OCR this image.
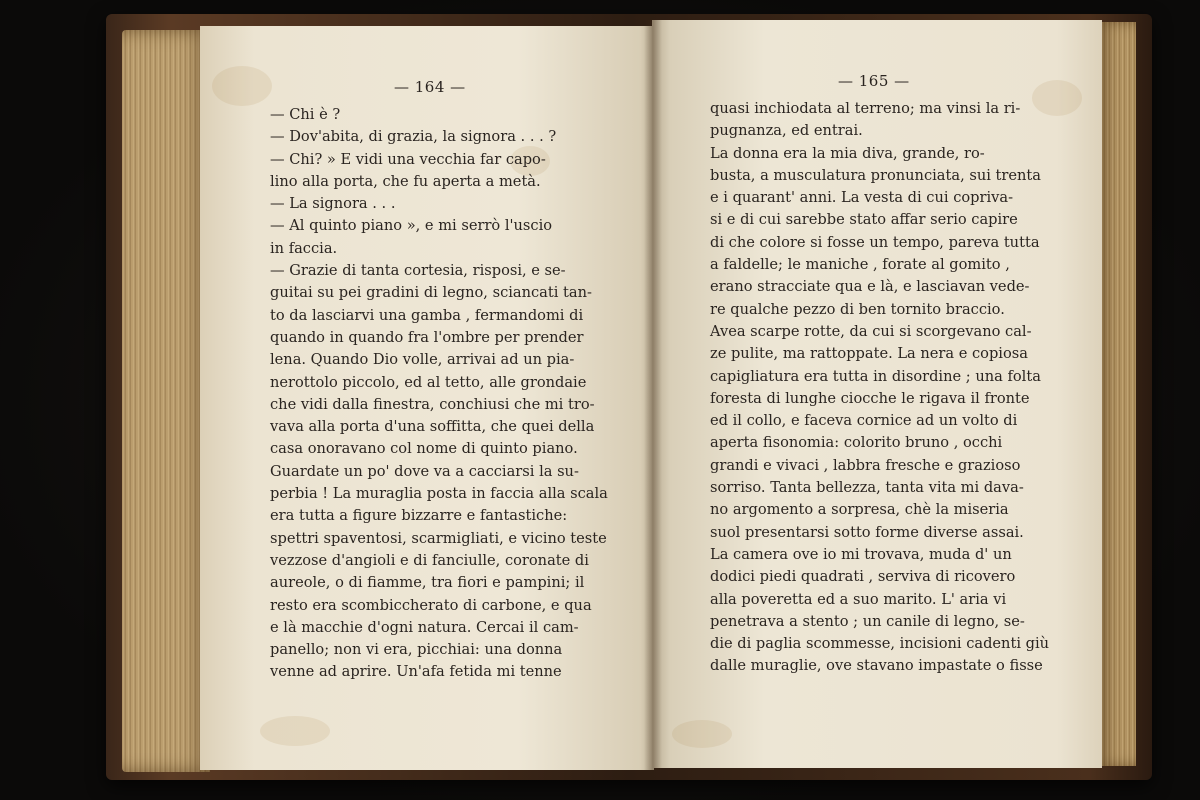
— 164 —
— Chi è ?
— Dov'abita, di grazia, la signora . . . ?
— Chi? » E vidi una vecchia far capo-
lino alla porta, che fu aperta a metà.
— La signora . . .
— Al quinto piano », e mi serrò l'uscio
in faccia.
— Grazie di tanta cortesia, risposi, e se-
guitai su pei gradini di legno, sciancati tan-
to da lasciarvi una gamba , fermandomi di
quando in quando fra l'ombre per prender
lena. Quando Dio volle, arrivai ad un pia-
nerottolo piccolo, ed al tetto, alle grondaie
che vidi dalla finestra, conchiusi che mi tro-
vava alla porta d'una soffitta, che quei della
casa onoravano col nome di quinto piano.
Guardate un po' dove va a cacciarsi la su-
perbia ! La muraglia posta in faccia alla scala
era tutta a figure bizzarre e fantastiche:
spettri spaventosi, scarmigliati, e vicino teste
vezzose d'angioli e di fanciulle, coronate di
aureole, o di fiamme, tra fiori e pampini; il
resto era scombiccherato di carbone, e qua
e là macchie d'ogni natura. Cercai il cam-
panello; non vi era, picchiai: una donna
venne ad aprire. Un'afa fetida mi tenne
— 165 —
quasi inchiodata al terreno; ma vinsi la ri-
pugnanza, ed entrai.
La donna era la mia diva, grande, ro-
busta, a musculatura pronunciata, sui trenta
e i quarant' anni. La vesta di cui copriva-
si e di cui sarebbe stato affar serio capire
di che colore si fosse un tempo, pareva tutta
a faldelle; le maniche , forate al gomito ,
erano stracciate qua e là, e lasciavan vede-
re qualche pezzo di ben tornito braccio.
Avea scarpe rotte, da cui si scorgevano cal-
ze pulite, ma rattoppate. La nera e copiosa
capigliatura era tutta in disordine ; una folta
foresta di lunghe ciocche le rigava il fronte
ed il collo, e faceva cornice ad un volto di
aperta fisonomia: colorito bruno , occhi
grandi e vivaci , labbra fresche e grazioso
sorriso. Tanta bellezza, tanta vita mi dava-
no argomento a sorpresa, chè la miseria
suol presentarsi sotto forme diverse assai.
La camera ove io mi trovava, muda d' un
dodici piedi quadrati , serviva di ricovero
alla poveretta ed a suo marito. L' aria vi
penetrava a stento ; un canile di legno, se-
die di paglia scommesse, incisioni cadenti giù
dalle muraglie, ove stavano impastate o fisse
